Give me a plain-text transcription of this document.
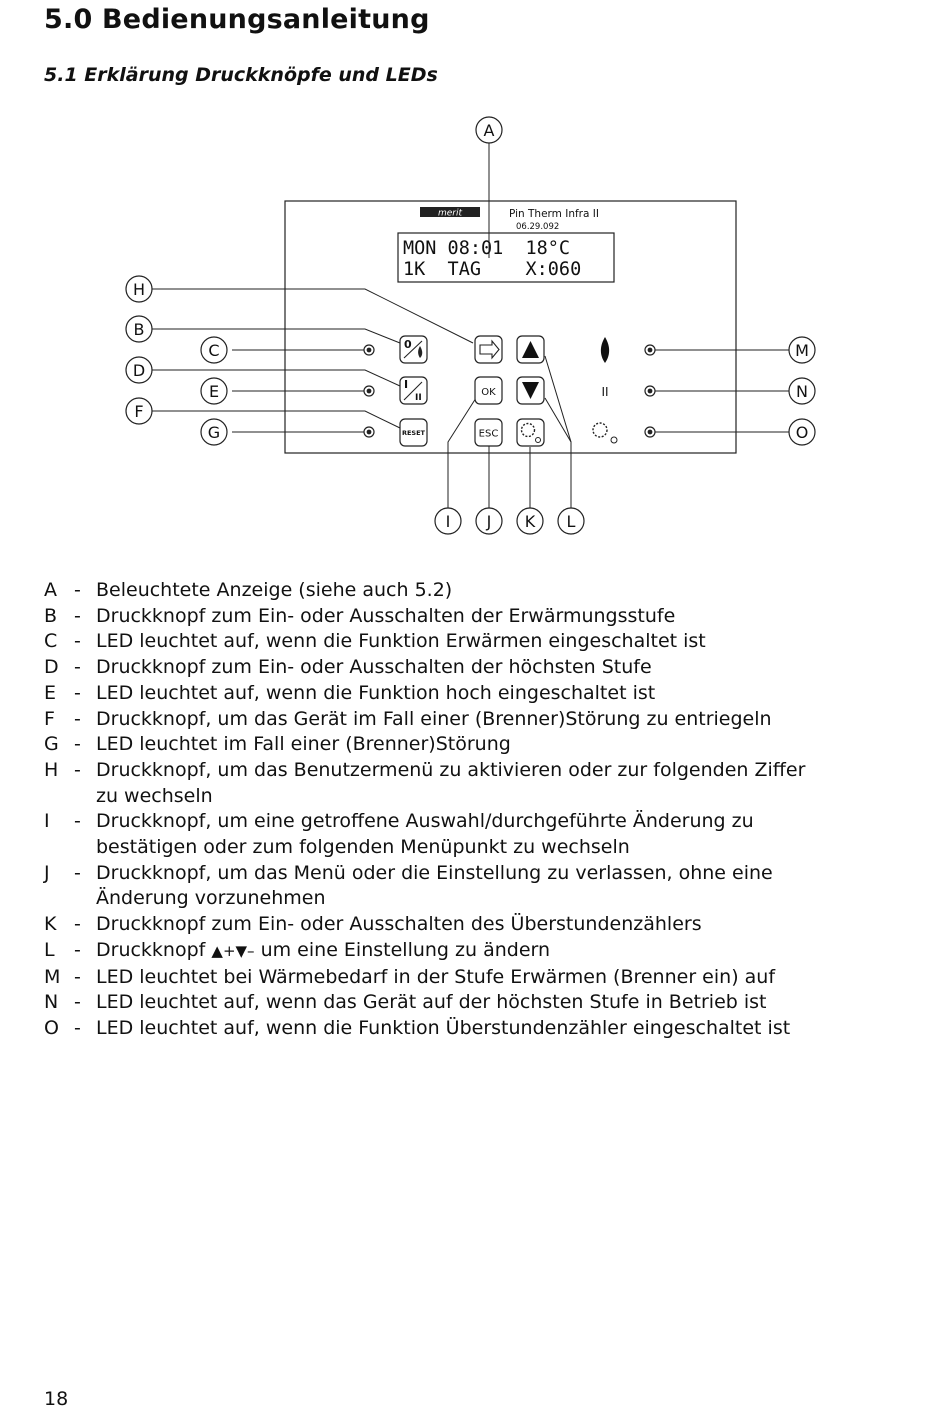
5.0 Bedienungsanleitung
5.1 Erklärung Druckknöpfe und LEDs
merit	Pin Therm Infra II
06.29.092
MON 08:01  18°C
1K  TAG    X:060
0
I
II
RESET
OK
ESC
II
A
B
C
D
E
F
G
H
I J K L
M
N
O
A - Beleuchtete Anzeige (siehe auch 5.2)
B - Druckknopf zum Ein- oder Ausschalten der Erwärmungsstufe
C - LED leuchtet auf, wenn die Funktion Erwärmen eingeschaltet ist
D - Druckknopf zum Ein- oder Ausschalten der höchsten Stufe
E - LED leuchtet auf, wenn die Funktion hoch eingeschaltet ist
F	- Druckknopf, um das Gerät im Fall einer (Brenner)Störung zu entriegeln
G - LED leuchtet im Fall einer (Brenner)Störung
H - Druckknopf, um das Benutzermenü zu aktivieren oder zur folgenden Ziffer
zu wechseln
I	- Druckknopf, um eine getroffene Auswahl/durchgeführte Änderung zu
bestätigen oder zum folgenden Menüpunkt zu wechseln
J	- Druckknopf, um das Menü oder die Einstellung zu verlassen, ohne eine
Änderung vorzunehmen
K - Druckknopf zum Ein- oder Ausschalten des Überstundenzählers
L	- Druckknopf ▲+▼– um eine Einstellung zu ändern
M - LED leuchtet bei Wärmebedarf in der Stufe Erwärmen (Brenner ein) auf
N - LED leuchtet auf, wenn das Gerät auf der höchsten Stufe in Betrieb ist
O - LED leuchtet auf, wenn die Funktion Überstundenzähler eingeschaltet ist
18
